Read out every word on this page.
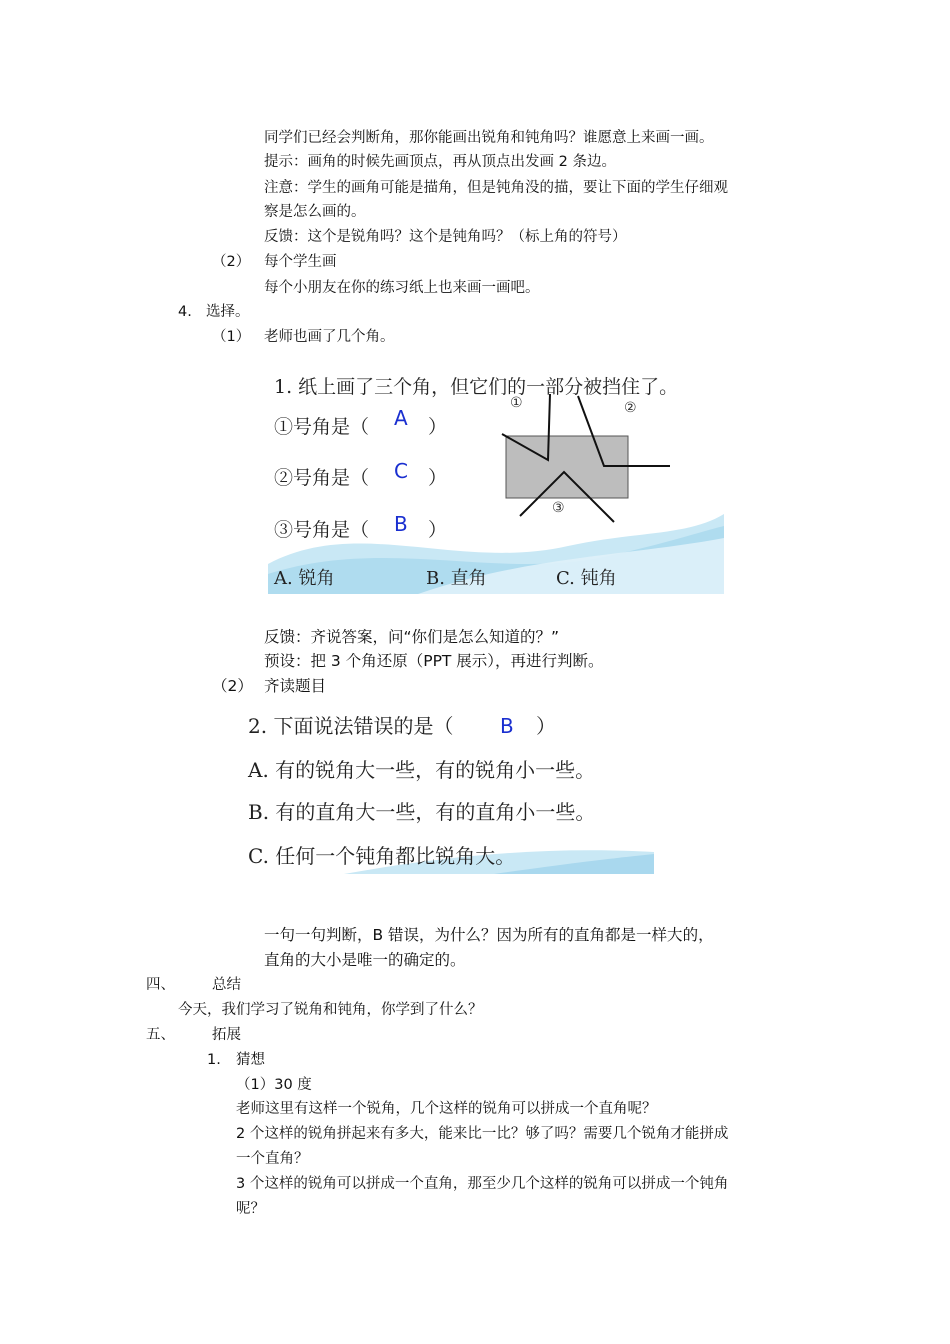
同学们已经会判断角，那你能画出锐角和钝角吗？谁愿意上来画一画。
提示：画角的时候先画顶点，再从顶点出发画 2 条边。
注意：学生的画角可能是描角，但是钝角没的描，要让下面的学生仔细观
察是怎么画的。
反馈：这个是锐角吗？这个是钝角吗？（标上角的符号）
（2） 每个学生画
每个小朋友在你的练习纸上也来画一画吧。
4. 选择。
（1） 老师也画了几个角。
1. 纸上画了三个角，但它们的一部分被挡住了。
①	②
③
①号角是（ A ）
②号角是（ C ）
③号角是（ B ）
A. 锐角	B. 直角	C. 钝角
反馈：齐说答案，问“你们是怎么知道的？”
预设：把 3 个角还原（PPT 展示），再进行判断。
（2） 齐读题目
2. 下面说法错误的是（ B ）
A. 有的锐角大一些，有的锐角小一些。
B. 有的直角大一些，有的直角小一些。
C. 任何一个钝角都比锐角大。
一句一句判断，B 错误，为什么？因为所有的直角都是一样大的，
直角的大小是唯一的确定的。
四、	总结
今天，我们学习了锐角和钝角，你学到了什么？
五、	拓展
1. 猜想
（1）30 度
老师这里有这样一个锐角，几个这样的锐角可以拼成一个直角呢？
2 个这样的锐角拼起来有多大，能来比一比？够了吗？需要几个锐角才能拼成
一个直角？
3 个这样的锐角可以拼成一个直角，那至少几个这样的锐角可以拼成一个钝角
呢？
